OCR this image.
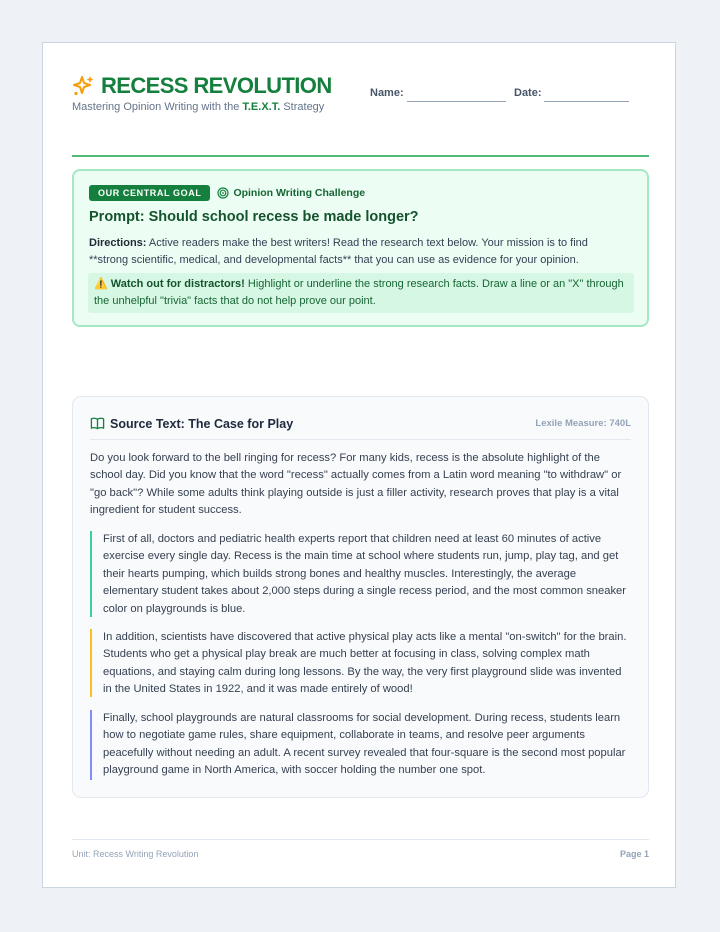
RECESS REVOLUTION
Mastering Opinion Writing with the T.E.X.T. Strategy
Name:	Date:
OUR CENTRAL GOAL	Opinion Writing Challenge
Prompt: Should school recess be made longer?
Directions: Active readers make the best writers! Read the research text below. Your mission is to find **strong scientific, medical, and developmental facts** that you can use as evidence for your opinion.
⚠️ Watch out for distractors! Highlight or underline the strong research facts. Draw a line or an "X" through the unhelpful "trivia" facts that do not help prove our point.
Source Text: The Case for Play	Lexile Measure: 740L
Do you look forward to the bell ringing for recess? For many kids, recess is the absolute highlight of the school day. Did you know that the word "recess" actually comes from a Latin word meaning "to withdraw" or "go back"? While some adults think playing outside is just a filler activity, research proves that play is a vital ingredient for student success.
First of all, doctors and pediatric health experts report that children need at least 60 minutes of active exercise every single day. Recess is the main time at school where students run, jump, play tag, and get their hearts pumping, which builds strong bones and healthy muscles. Interestingly, the average elementary student takes about 2,000 steps during a single recess period, and the most common sneaker color on playgrounds is blue.
In addition, scientists have discovered that active physical play acts like a mental "on-switch" for the brain. Students who get a physical play break are much better at focusing in class, solving complex math equations, and staying calm during long lessons. By the way, the very first playground slide was invented in the United States in 1922, and it was made entirely of wood!
Finally, school playgrounds are natural classrooms for social development. During recess, students learn how to negotiate game rules, share equipment, collaborate in teams, and resolve peer arguments peacefully without needing an adult. A recent survey revealed that four-square is the second most popular playground game in North America, with soccer holding the number one spot.
Unit: Recess Writing Revolution	Page 1
